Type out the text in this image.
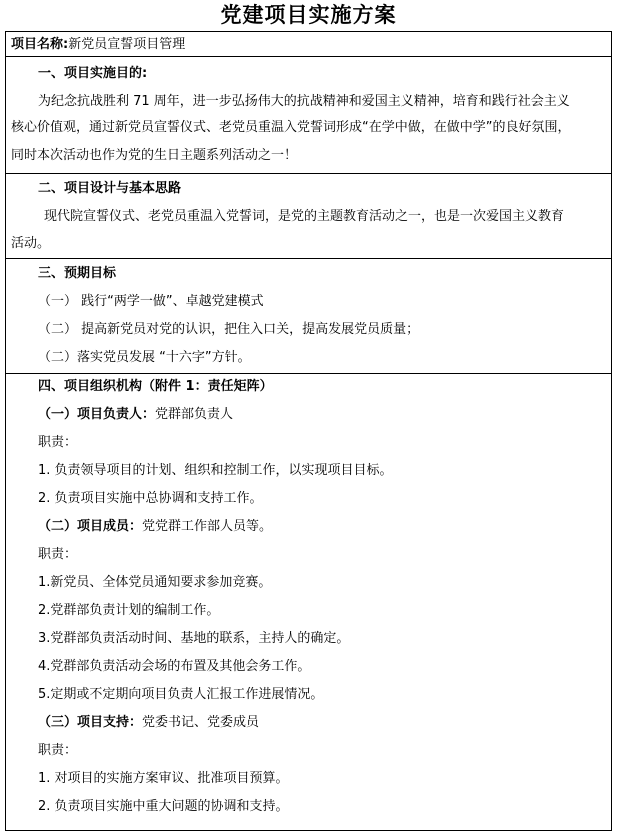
党建项目实施方案
项目名称:新党员宣誓项目管理
一、项目实施目的:
为纪念抗战胜利 71 周年，进一步弘扬伟大的抗战精神和爱国主义精神，培育和践行社会主义
核心价值观，通过新党员宣誓仪式、老党员重温入党誓词形成“在学中做，在做中学”的良好氛围，
同时本次活动也作为党的生日主题系列活动之一！
二、项目设计与基本思路
现代院宣誓仪式、老党员重温入党誓词，是党的主题教育活动之一，也是一次爱国主义教育
活动。
三、预期目标
（一） 践行“两学一做”、卓越党建模式
（二） 提高新党员对党的认识，把住入口关，提高发展党员质量；
（二）落实党员发展 “十六字”方针。
四、项目组织机构（附件 1：责任矩阵）
（一）项目负责人：党群部负责人
职责：
1. 负责领导项目的计划、组织和控制工作，以实现项目目标。
2. 负责项目实施中总协调和支持工作。
（二）项目成员：党党群工作部人员等。
职责：
1.新党员、全体党员通知要求参加竞赛。
2.党群部负责计划的编制工作。
3.党群部负责活动时间、基地的联系，主持人的确定。
4.党群部负责活动会场的布置及其他会务工作。
5.定期或不定期向项目负责人汇报工作进展情况。
（三）项目支持：党委书记、党委成员
职责：
1. 对项目的实施方案审议、批准项目预算。
2. 负责项目实施中重大问题的协调和支持。
